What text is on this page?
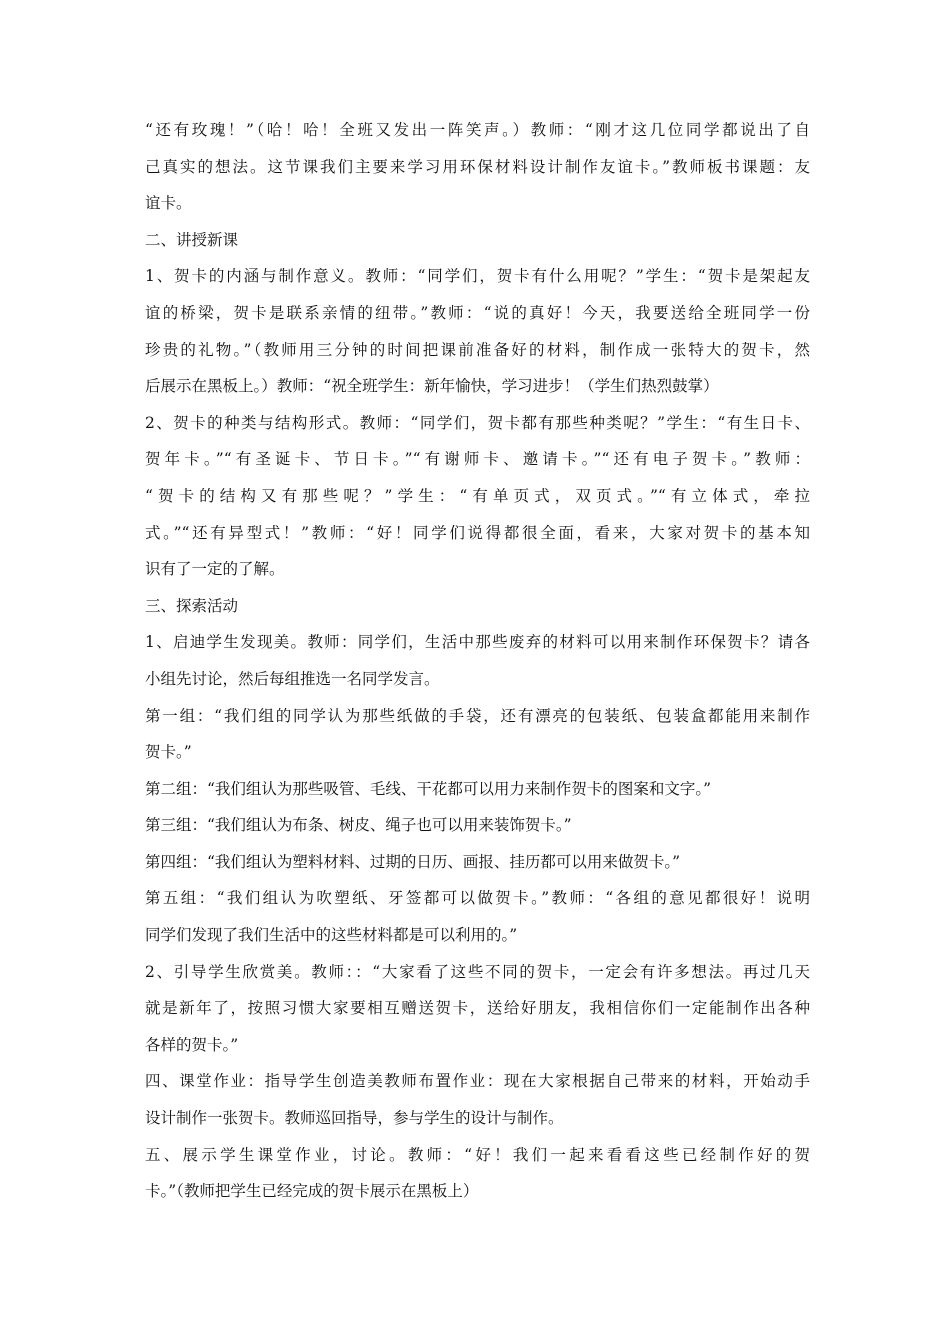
“还有玫瑰！”（哈！哈！全班又发出一阵笑声。）教师：“刚才这几位同学都说出了自
己真实的想法。这节课我们主要来学习用环保材料设计制作友谊卡。”教师板书课题：友
谊卡。
二、讲授新课
1、贺卡的内涵与制作意义。教师：“同学们，贺卡有什么用呢？”学生：“贺卡是架起友
谊的桥梁，贺卡是联系亲情的纽带。”教师：“说的真好！今天，我要送给全班同学一份
珍贵的礼物。”（教师用三分钟的时间把课前准备好的材料，制作成一张特大的贺卡，然
后展示在黑板上。）教师：“祝全班学生：新年愉快，学习进步！（学生们热烈鼓掌）
2、贺卡的种类与结构形式。教师：“同学们，贺卡都有那些种类呢？”学生：“有生日卡、
贺年卡。”“有圣诞卡、节日卡。”“有谢师卡、邀请卡。”“还有电子贺卡。”教师：
“贺卡的结构又有那些呢？”学生：“有单页式，双页式。”“有立体式，牵拉
式。”“还有异型式！”教师：“好！同学们说得都很全面，看来，大家对贺卡的基本知
识有了一定的了解。
三、探索活动
1、启迪学生发现美。教师：同学们，生活中那些废弃的材料可以用来制作环保贺卡？请各
小组先讨论，然后每组推选一名同学发言。
第一组：“我们组的同学认为那些纸做的手袋，还有漂亮的包装纸、包装盒都能用来制作
贺卡。”
第二组：“我们组认为那些吸管、毛线、干花都可以用力来制作贺卡的图案和文字。”
第三组：“我们组认为布条、树皮、绳子也可以用来装饰贺卡。”
第四组：“我们组认为塑料材料、过期的日历、画报、挂历都可以用来做贺卡。”
第五组：“我们组认为吹塑纸、牙签都可以做贺卡。”教师：“各组的意见都很好！说明
同学们发现了我们生活中的这些材料都是可以利用的。”
2、引导学生欣赏美。教师：：“大家看了这些不同的贺卡，一定会有许多想法。再过几天
就是新年了，按照习惯大家要相互赠送贺卡，送给好朋友，我相信你们一定能制作出各种
各样的贺卡。”
四、课堂作业：指导学生创造美教师布置作业：现在大家根据自己带来的材料，开始动手
设计制作一张贺卡。教师巡回指导，参与学生的设计与制作。
五、展示学生课堂作业，讨论。教师：“好！我们一起来看看这些已经制作好的贺
卡。”（教师把学生已经完成的贺卡展示在黑板上）
